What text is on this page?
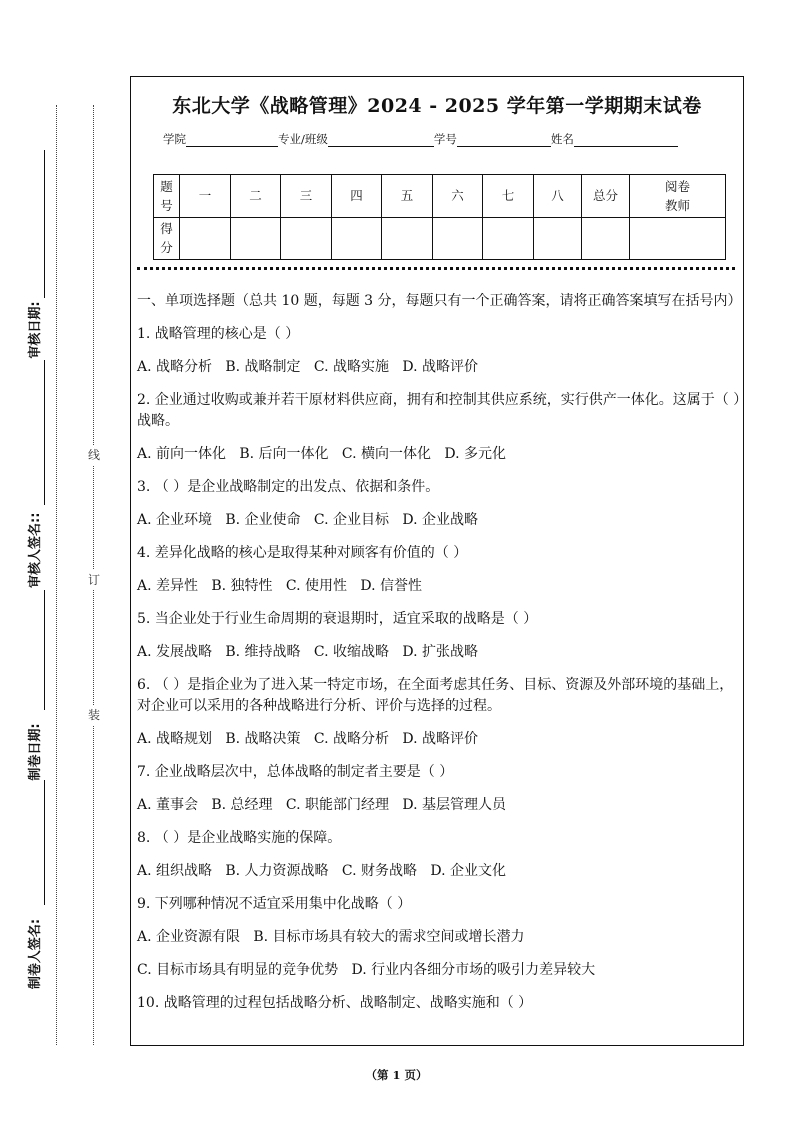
审核日期:
审核人签名::
制卷日期:
制卷人签名:
线
订
装
东北大学《战略管理》2024 - 2025 学年第一学期期末试卷
学院	专业/班级	学号	姓名
题号	一	二	三	四	五	六	七	八	总分	阅卷教师
得分										

一、单项选择题（总共 10 题，每题 3 分，每题只有一个正确答案，请将正确答案填写在括号内）

1. 战略管理的核心是（ ）

A. 战略分析   B. 战略制定   C. 战略实施   D. 战略评价

2. 企业通过收购或兼并若干原材料供应商，拥有和控制其供应系统，实行供产一体化。这属于（ ）战略。

A. 前向一体化   B. 后向一体化   C. 横向一体化   D. 多元化

3. （ ）是企业战略制定的出发点、依据和条件。

A. 企业环境   B. 企业使命   C. 企业目标   D. 企业战略

4. 差异化战略的核心是取得某种对顾客有价值的（ ）

A. 差异性   B. 独特性   C. 使用性   D. 信誉性

5. 当企业处于行业生命周期的衰退期时，适宜采取的战略是（ ）

A. 发展战略   B. 维持战略   C. 收缩战略   D. 扩张战略

6. （ ）是指企业为了进入某一特定市场，在全面考虑其任务、目标、资源及外部环境的基础上，对企业可以采用的各种战略进行分析、评价与选择的过程。

A. 战略规划   B. 战略决策   C. 战略分析   D. 战略评价

7. 企业战略层次中，总体战略的制定者主要是（ ）

A. 董事会   B. 总经理   C. 职能部门经理   D. 基层管理人员

8. （ ）是企业战略实施的保障。

A. 组织战略   B. 人力资源战略   C. 财务战略   D. 企业文化

9. 下列哪种情况不适宜采用集中化战略（ ）

A. 企业资源有限   B. 目标市场具有较大的需求空间或增长潜力

C. 目标市场具有明显的竞争优势   D. 行业内各细分市场的吸引力差异较大

10. 战略管理的过程包括战略分析、战略制定、战略实施和（ ）

（第 1 页）
